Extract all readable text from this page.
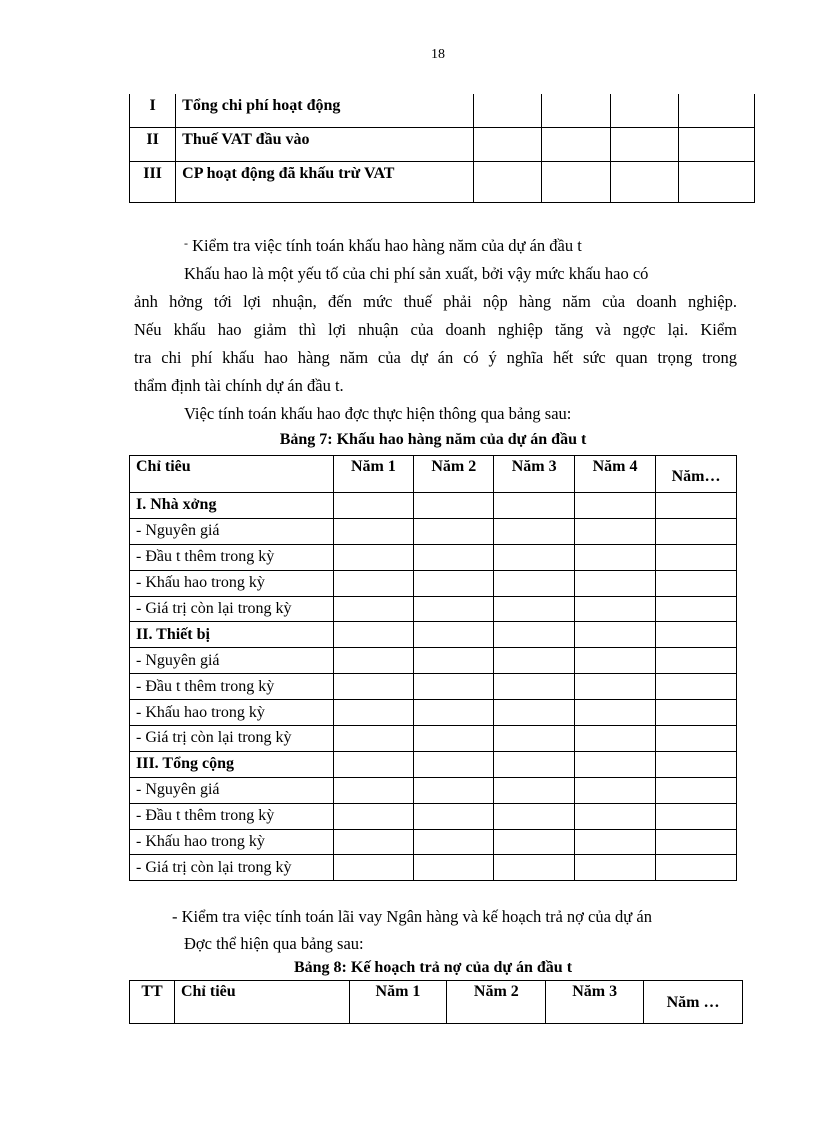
18
I	Tổng chi phí hoạt động				
II	Thuế VAT đầu vào				
III	CP hoạt động đã khấu trừ VAT				
- Kiểm tra việc tính toán khấu hao hàng năm của dự án đầu t
Khấu hao là một yếu tố của chi phí sản xuất, bởi vậy mức khấu hao có
ảnh hởng tới lợi nhuận, đến mức thuế phải nộp hàng năm của doanh nghiệp.
Nếu khấu hao giảm thì lợi nhuận của doanh nghiệp tăng và ngợc lại. Kiểm
tra chi phí khấu hao hàng năm của dự án có ý nghĩa hết sức quan trọng trong
thẩm định tài chính dự án đầu t.
Việc tính toán khấu hao đợc thực hiện thông qua bảng sau:
Bảng 7: Khấu hao hàng năm của dự án đầu t
Chỉ tiêu	Năm 1	Năm 2	Năm 3	Năm 4	Năm…
I. Nhà xởng					
- Nguyên giá					
- Đầu t thêm trong kỳ					
- Khấu hao trong kỳ					
- Giá trị còn lại trong kỳ					
II. Thiết bị					
- Nguyên giá					
- Đầu t thêm trong kỳ					
- Khấu hao trong kỳ					
- Giá trị còn lại trong kỳ					
III. Tổng cộng					
- Nguyên giá					
- Đầu t thêm trong kỳ					
- Khấu hao trong kỳ					
- Giá trị còn lại trong kỳ					
- Kiểm tra việc tính toán lãi vay Ngân hàng và kế hoạch trả nợ của dự án
Đợc thể hiện qua bảng sau:
Bảng 8: Kế hoạch trả nợ của dự án đầu t
TT	Chỉ tiêu	Năm 1	Năm 2	Năm 3	Năm …
